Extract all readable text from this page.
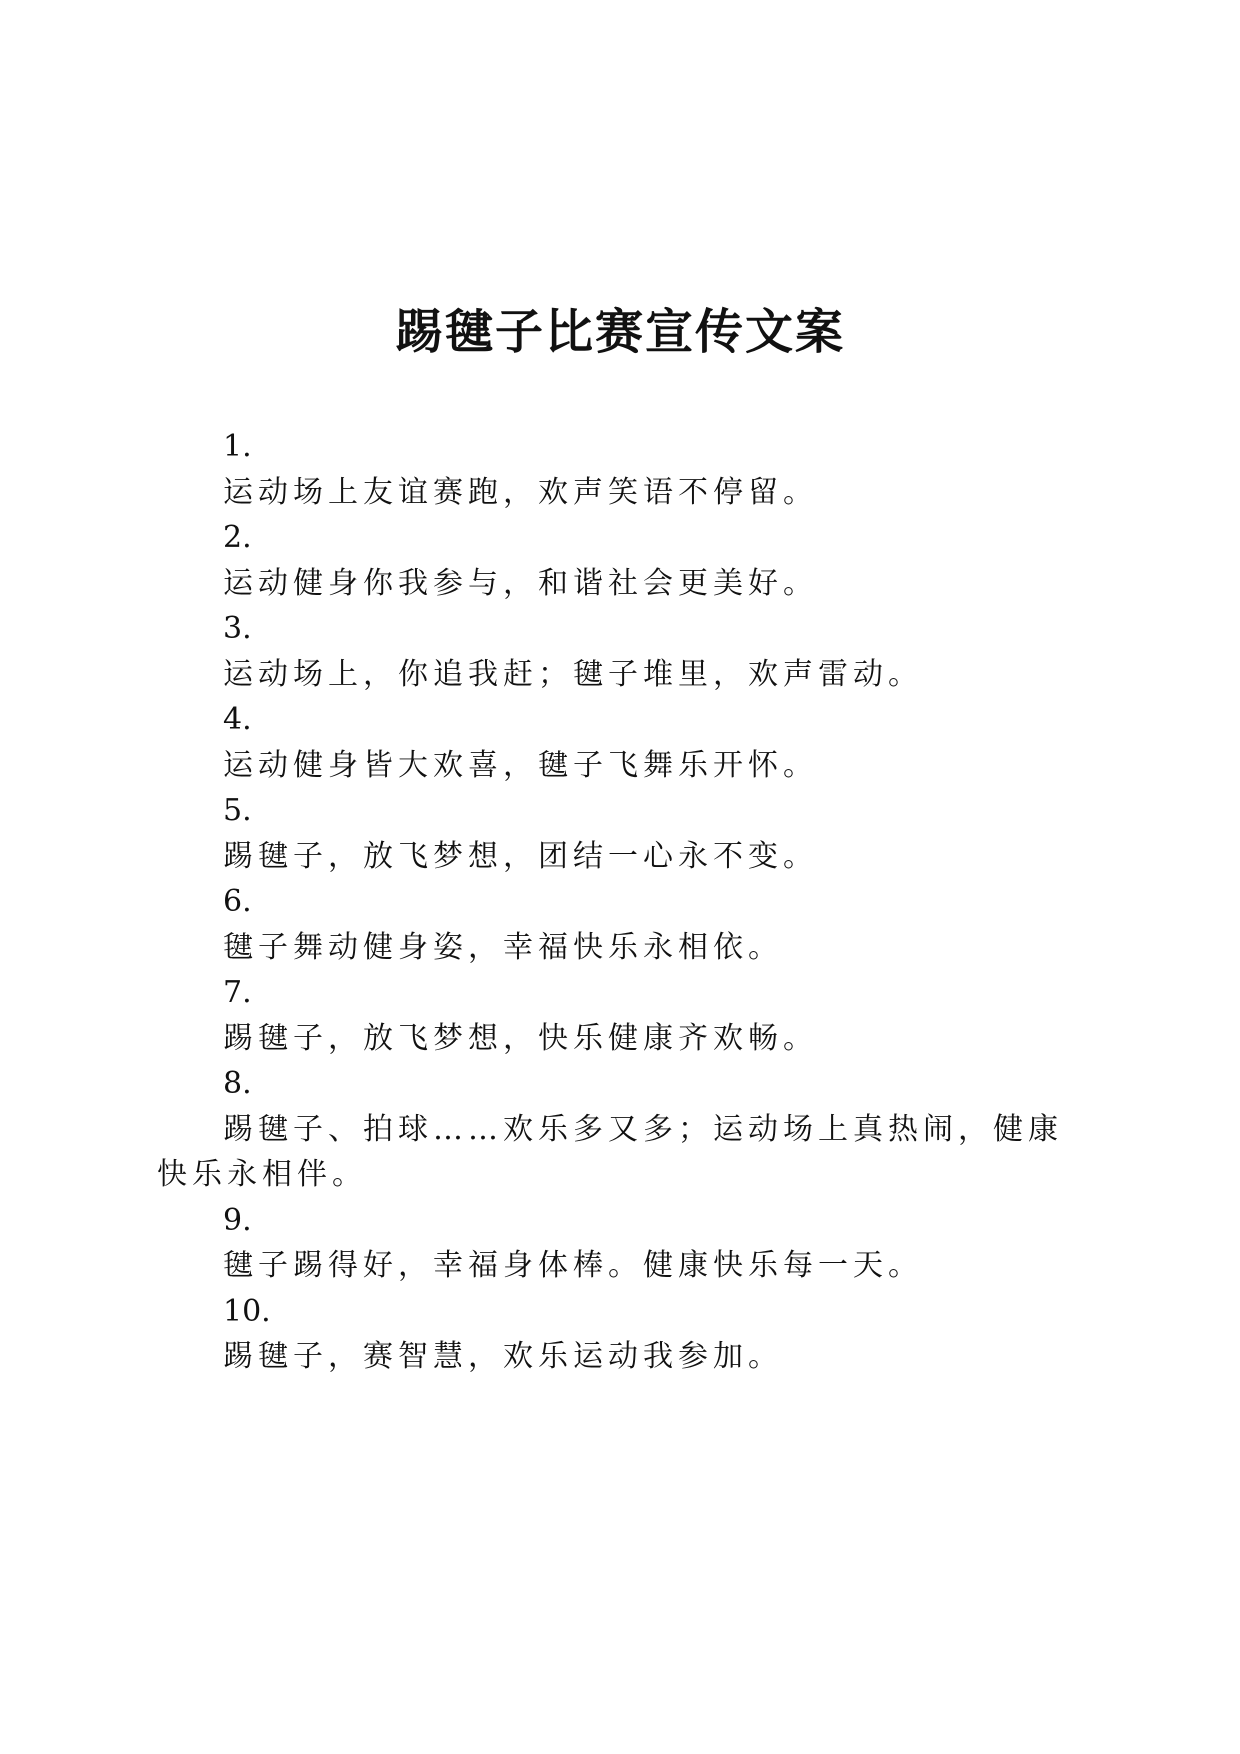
踢毽子比赛宣传文案
1.
运动场上友谊赛跑，欢声笑语不停留。
2.
运动健身你我参与，和谐社会更美好。
3.
运动场上，你追我赶；毽子堆里，欢声雷动。
4.
运动健身皆大欢喜，毽子飞舞乐开怀。
5.
踢毽子，放飞梦想，团结一心永不变。
6.
毽子舞动健身姿，幸福快乐永相依。
7.
踢毽子，放飞梦想，快乐健康齐欢畅。
8.
踢毽子、拍球……欢乐多又多；运动场上真热闹，健康快乐永相伴。
9.
毽子踢得好，幸福身体棒。健康快乐每一天。
10.
踢毽子，赛智慧，欢乐运动我参加。
